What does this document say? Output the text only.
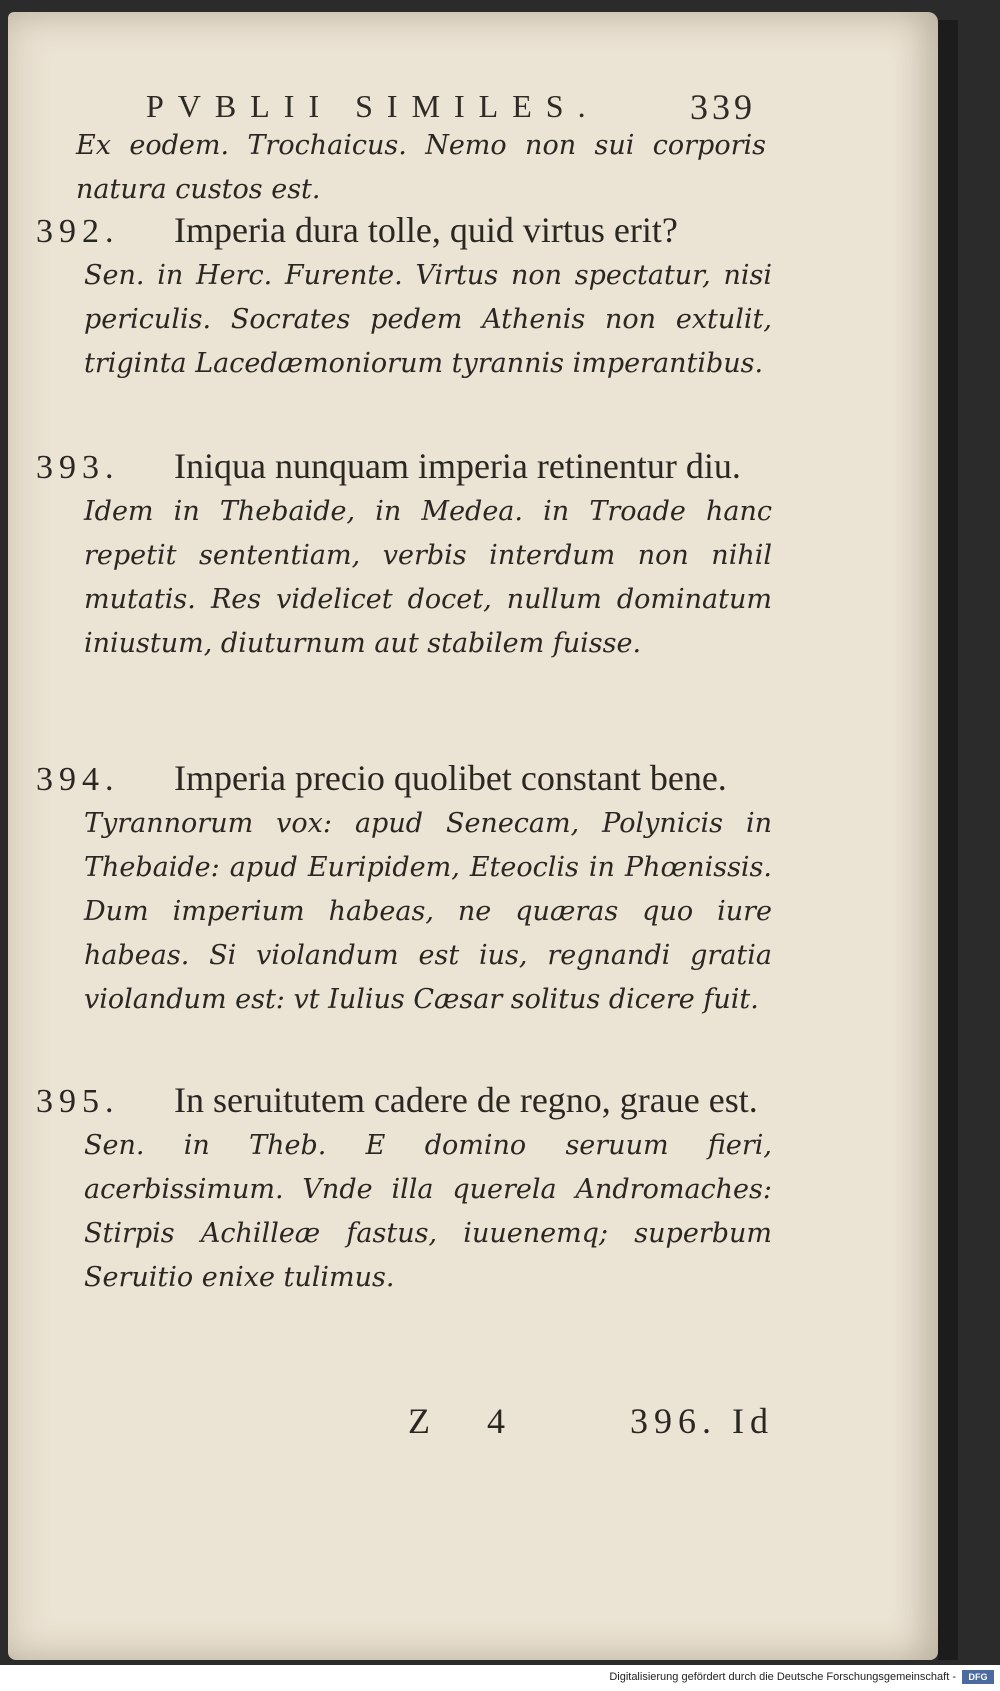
PVBLII SIMILES.	339
Ex eodem. Trochaicus. Nemo non sui corporis natura custos est.
392. Imperia dura tolle, quid virtus erit?
Sen. in Herc. Furente. Virtus non spectatur, nisi periculis. Socrates pedem Athenis non extulit, triginta Lacedæmoniorum tyrannis imperantibus.
393. Iniqua nunquam imperia retinentur diu.
Idem in Thebaide, in Medea. in Troade hanc repetit sententiam, verbis interdum non nihil mutatis. Res videlicet docet, nullum dominatum iniustum, diuturnum aut stabilem fuisse.
394. Imperia precio quolibet constant bene.
Tyrannorum vox: apud Senecam, Polynicis in Thebaide: apud Euripidem, Eteoclis in Phœnissis. Dum imperium habeas, ne quæras quo iure habeas. Si violandum est ius, regnandi gratia violandum est: vt Iulius Cæsar solitus dicere fuit.
395. In seruitutem cadere de regno, graue est.
Sen. in Theb. E domino seruum fieri, acerbissimum. Vnde illa querela Andromaches: Stirpis Achilleæ fastus, iuuenemq; superbum Seruitio enixe tulimus.
Z 4	396. Id
Digitalisierung gefördert durch die Deutsche Forschungsgemeinschaft -	DFG
